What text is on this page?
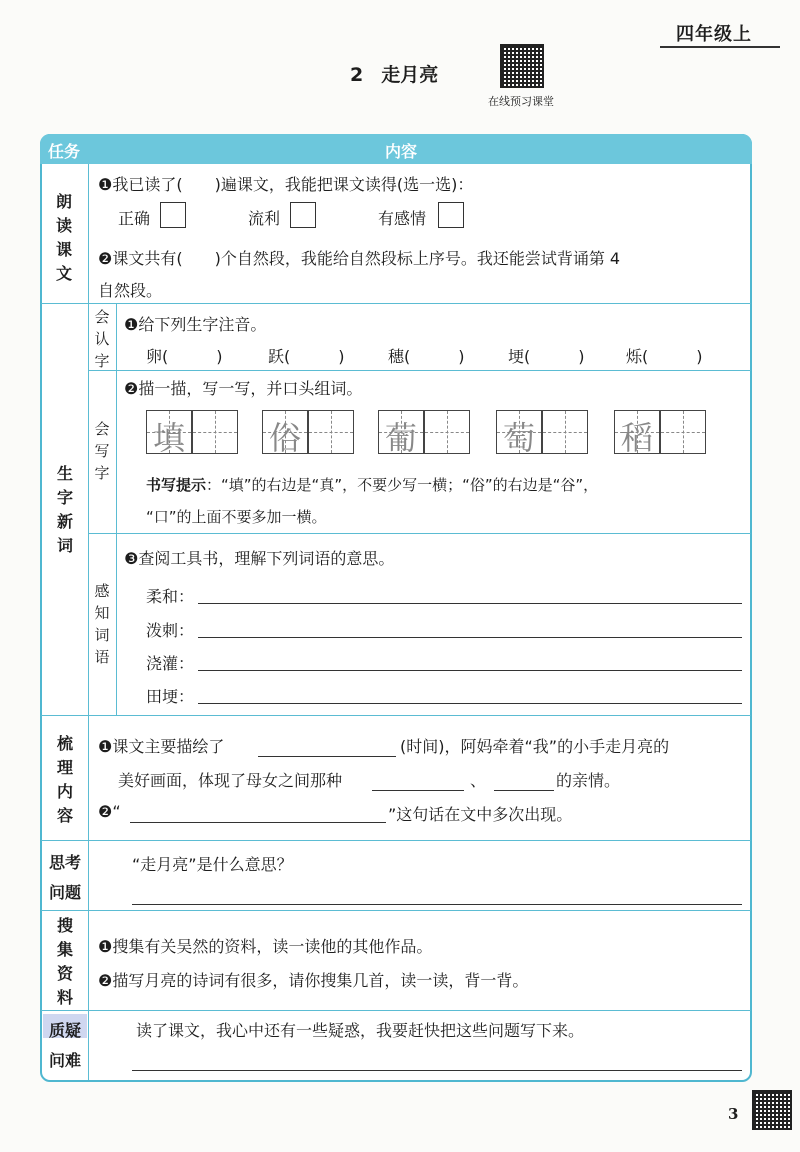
四年级上
2 走月亮
在线预习课堂
任务	内容
朗读课文
❶我已读了(　　)遍课文，我能把课文读得(选一选)：
正确	流利	有感情
❷课文共有(　　)个自然段，我能给自然段标上序号。我还能尝试背诵第 4
自然段。
生字新词
会认字
❶给下列生字注音。
卵(　　　)	跃(　　　)	穗(　　　)	埂(　　　)	烁(　　　)
会写字
❷描一描，写一写，并口头组词。
填	俗	葡	萄	稻
书写提示：“填”的右边是“真”，不要少写一横；“俗”的右边是“谷”，
“口”的上面不要多加一横。
感知词语
❸查阅工具书，理解下列词语的意思。
柔和：
泼刺：
浇灌：
田埂：
梳理内容
❶课文主要描绘了	(时间)，阿妈牵着“我”的小手走月亮的
美好画面，体现了母女之间那种	、	的亲情。
❷“	”这句话在文中多次出现。
思考问题
“走月亮”是什么意思？
搜集资料
❶搜集有关吴然的资料，读一读他的其他作品。
❷描写月亮的诗词有很多，请你搜集几首，读一读，背一背。
质疑问难
读了课文，我心中还有一些疑惑，我要赶快把这些问题写下来。
3
